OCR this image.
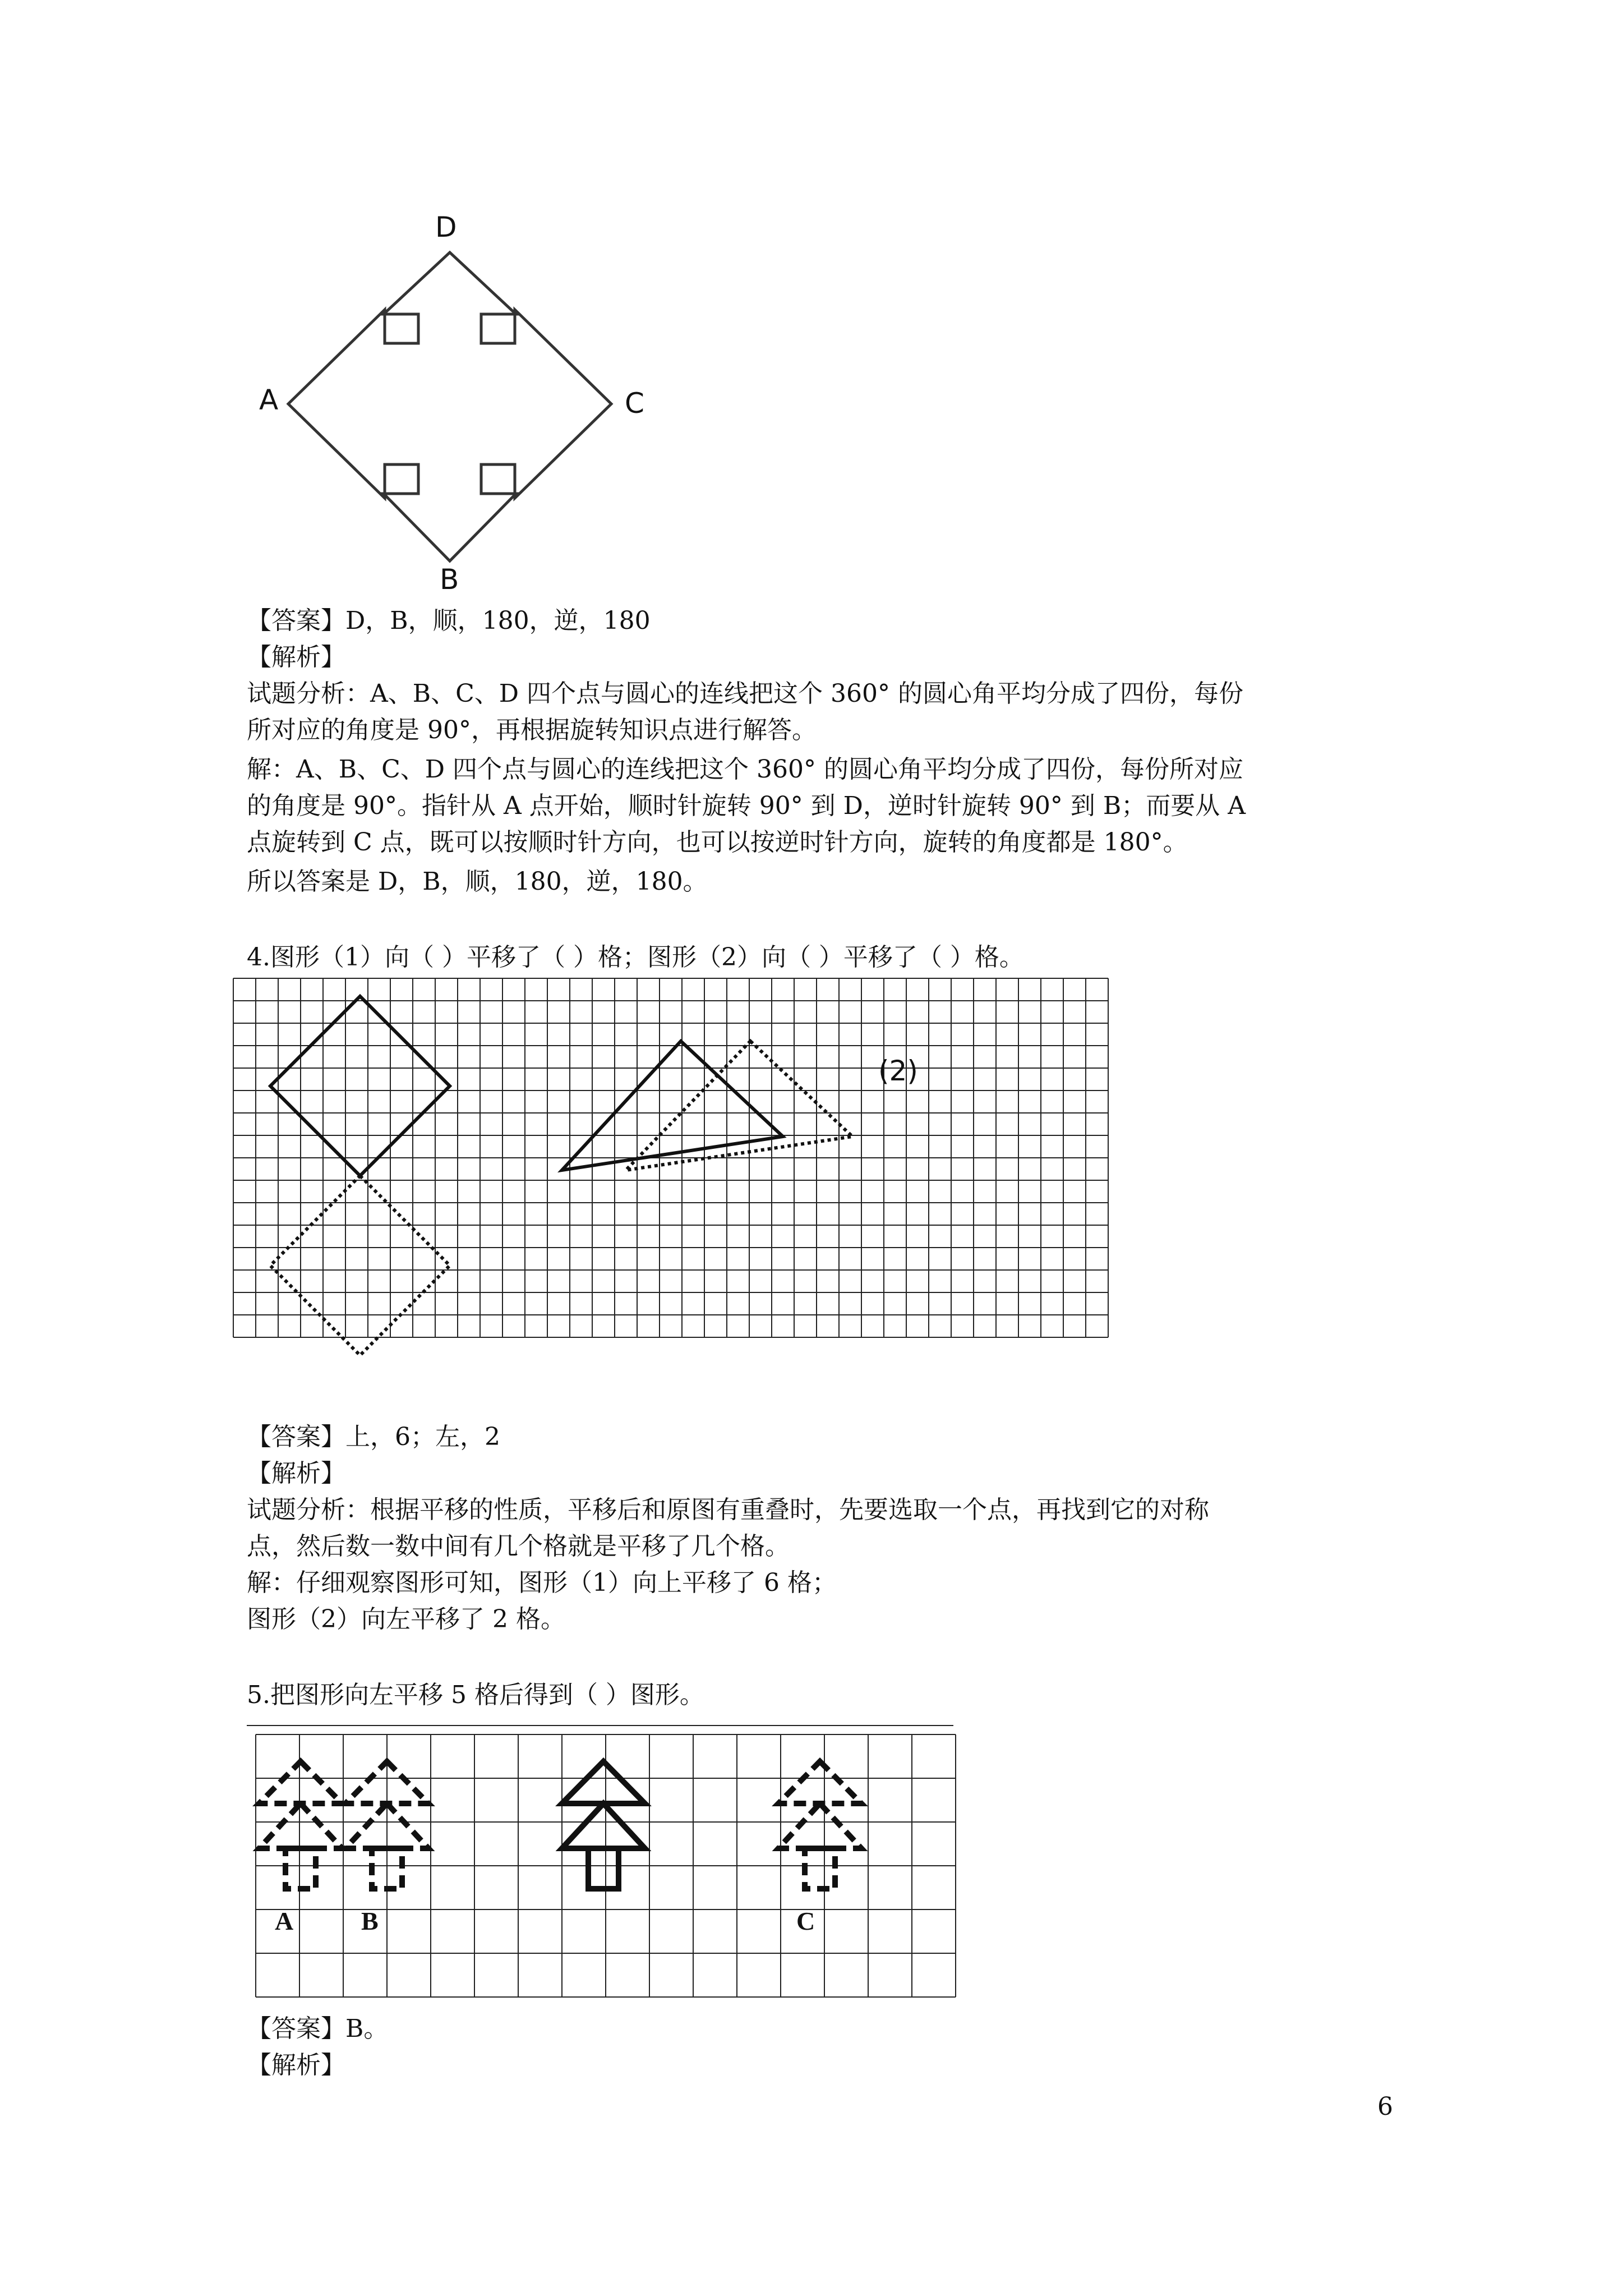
D
B
A	C
【答案】D，B，顺，180，逆，180
【解析】
试题分析：A、B、C、D 四个点与圆心的连线把这个 360° 的圆心角平均分成了四份，每份
所对应的角度是 90°，再根据旋转知识点进行解答。
解：A、B、C、D 四个点与圆心的连线把这个 360° 的圆心角平均分成了四份，每份所对应
的角度是 90°。指针从 A 点开始，顺时针旋转 90° 到 D，逆时针旋转 90° 到 B；而要从 A
点旋转到 C 点，既可以按顺时针方向，也可以按逆时针方向，旋转的角度都是 180°。
所以答案是 D，B，顺，180，逆，180。
4.图形（1）向（ ）平移了（ ）格；图形（2）向（ ）平移了（ ）格。
(2)
【答案】上，6；左，2
【解析】
试题分析：根据平移的性质，平移后和原图有重叠时，先要选取一个点，再找到它的对称
点，然后数一数中间有几个格就是平移了几个格。
解：仔细观察图形可知，图形（1）向上平移了 6 格；
图形（2）向左平移了 2 格。
5.把图形向左平移 5 格后得到（ ）图形。
A	B	C
【答案】B。
【解析】
6
